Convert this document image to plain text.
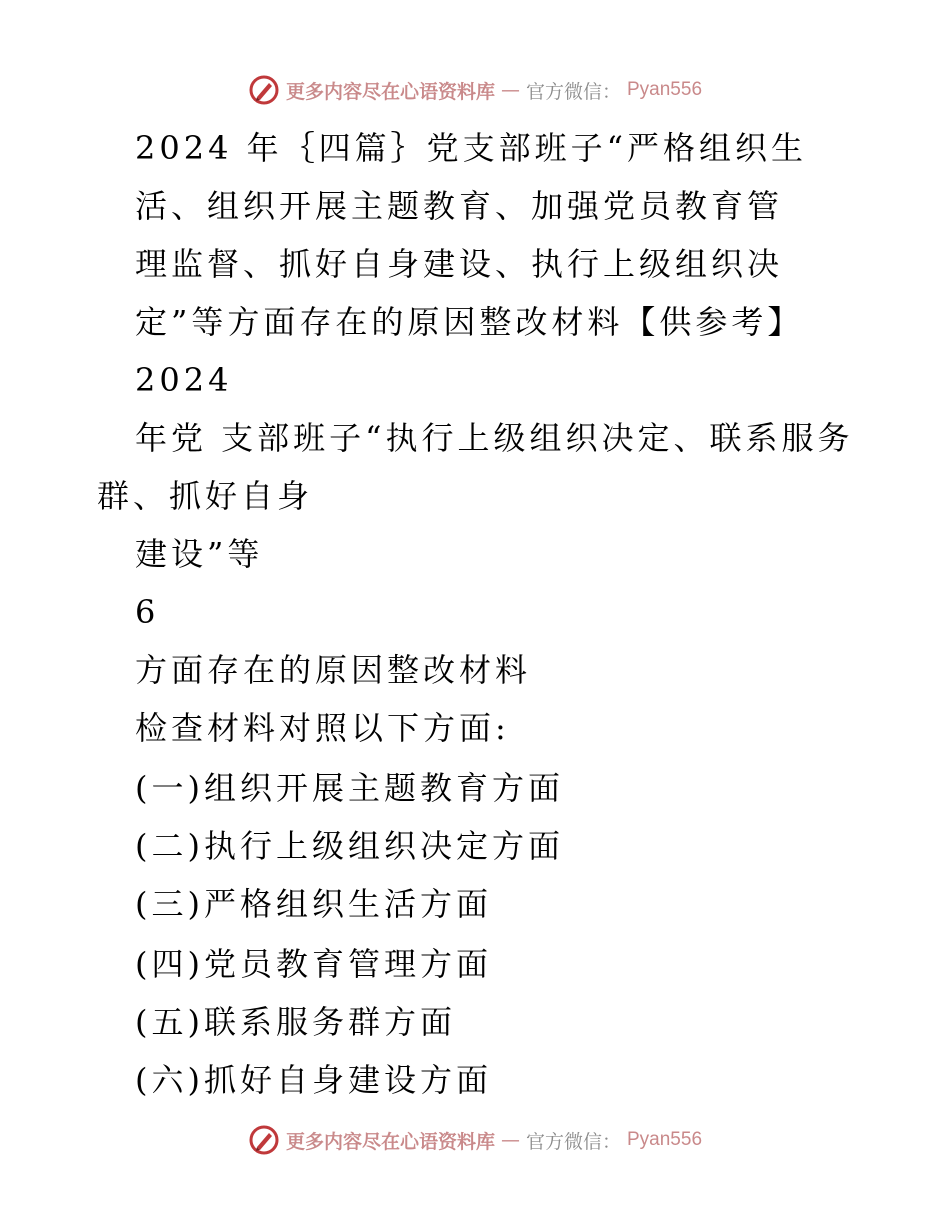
更多内容尽在心语资料库 — 官方微信： Pyan556
2024 年｛四篇｝党支部班子“严格组织生
活、组织开展主题教育、加强党员教育管
理监督、抓好自身建设、执行上级组织决
定”等方面存在的原因整改材料【供参考】
2024
年党 支部班子“执行上级组织决定、联系服务
群、抓好自身
建设”等
6
方面存在的原因整改材料
检查材料对照以下方面:
(一)组织开展主题教育方面
(二)执行上级组织决定方面
(三)严格组织生活方面
(四)党员教育管理方面
(五)联系服务群方面
(六)抓好自身建设方面
更多内容尽在心语资料库 — 官方微信： Pyan556
